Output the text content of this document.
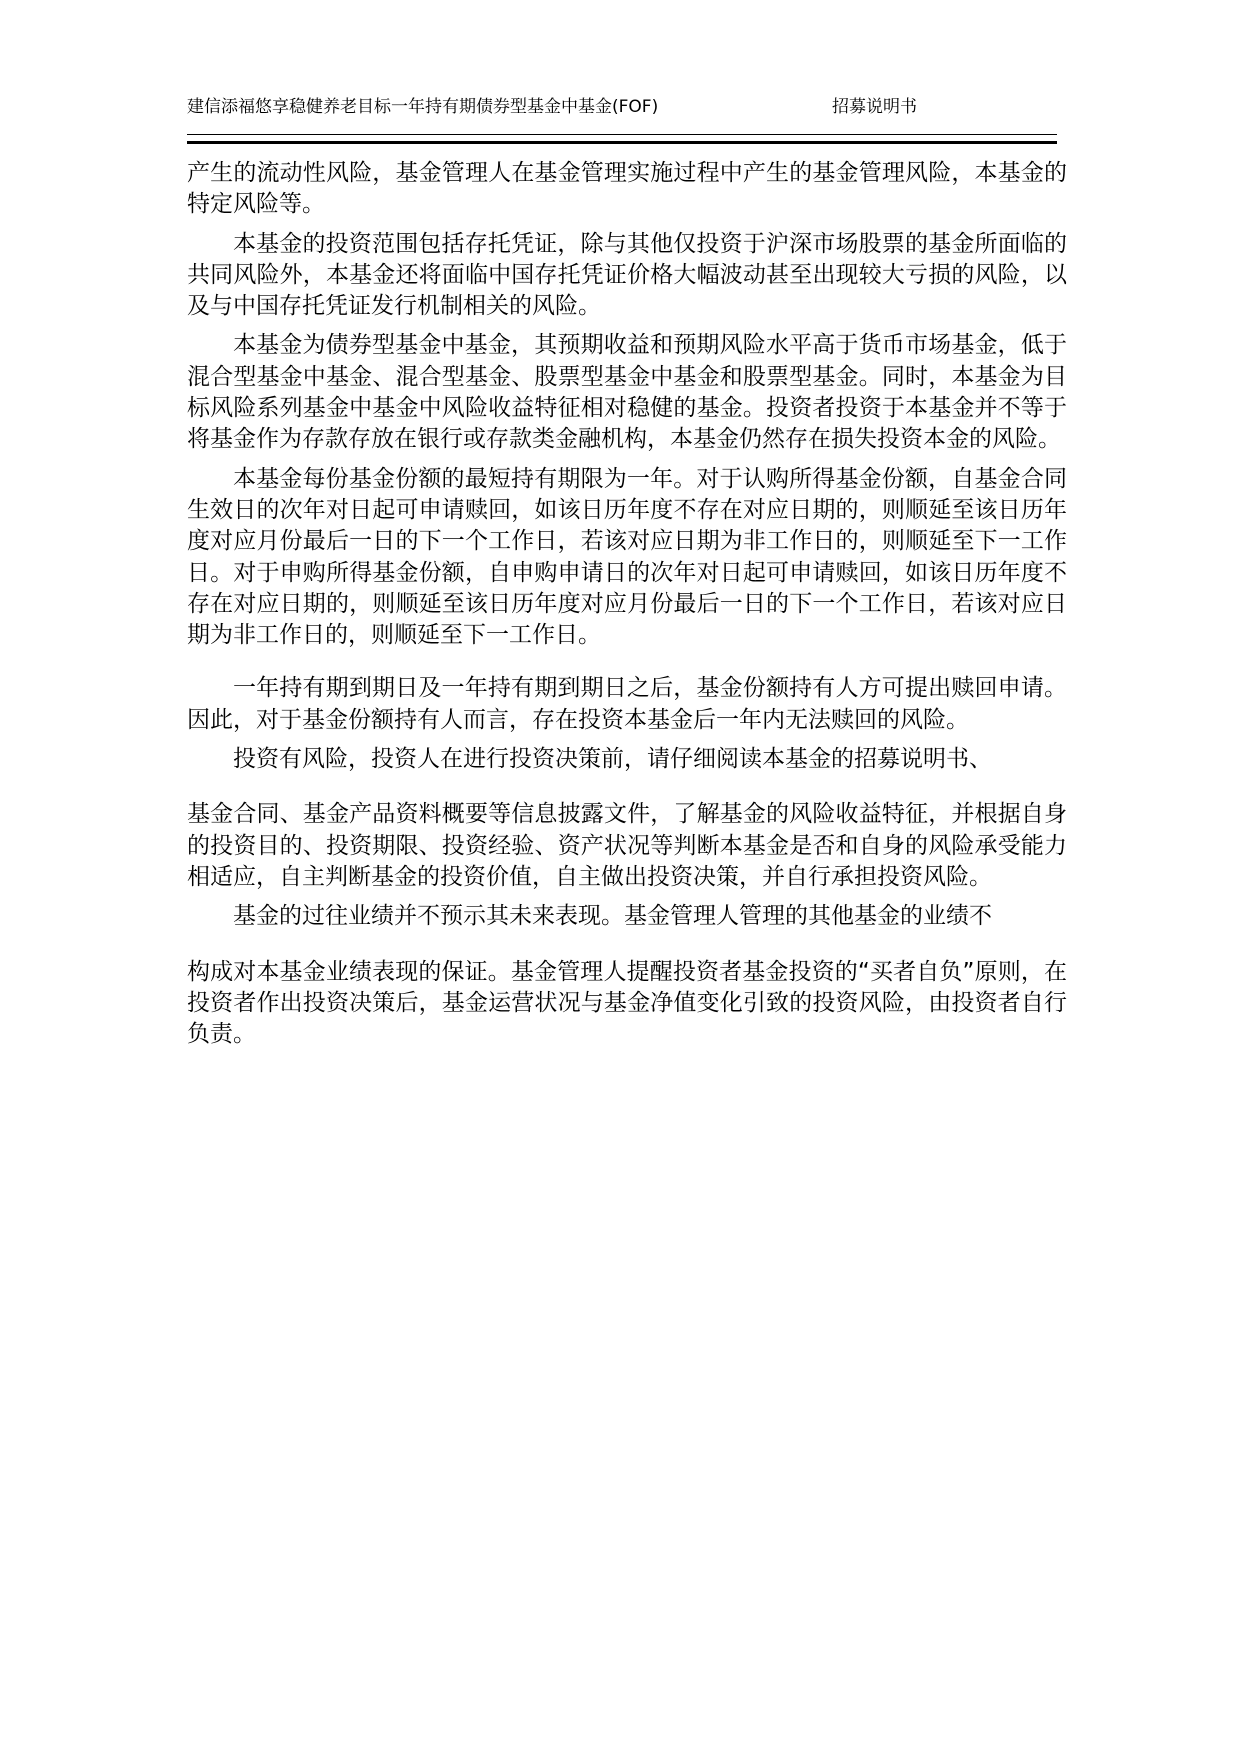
建信添福悠享稳健养老目标一年持有期债券型基金中基金(FOF)	招募说明书

产生的流动性风险，基金管理人在基金管理实施过程中产生的基金管理风险，本基金的特定风险等。

本基金的投资范围包括存托凭证，除与其他仅投资于沪深市场股票的基金所面临的共同风险外，本基金还将面临中国存托凭证价格大幅波动甚至出现较大亏损的风险，以及与中国存托凭证发行机制相关的风险。

本基金为债券型基金中基金，其预期收益和预期风险水平高于货币市场基金，低于混合型基金中基金、混合型基金、股票型基金中基金和股票型基金。同时，本基金为目标风险系列基金中基金中风险收益特征相对稳健的基金。投资者投资于本基金并不等于将基金作为存款存放在银行或存款类金融机构，本基金仍然存在损失投资本金的风险。

本基金每份基金份额的最短持有期限为一年。对于认购所得基金份额，自基金合同生效日的次年对日起可申请赎回，如该日历年度不存在对应日期的，则顺延至该日历年度对应月份最后一日的下一个工作日，若该对应日期为非工作日的，则顺延至下一工作日。对于申购所得基金份额，自申购申请日的次年对日起可申请赎回，如该日历年度不存在对应日期的，则顺延至该日历年度对应月份最后一日的下一个工作日，若该对应日期为非工作日的，则顺延至下一工作日。

一年持有期到期日及一年持有期到期日之后，基金份额持有人方可提出赎回申请。因此，对于基金份额持有人而言，存在投资本基金后一年内无法赎回的风险。

投资有风险，投资人在进行投资决策前，请仔细阅读本基金的招募说明书、

基金合同、基金产品资料概要等信息披露文件，了解基金的风险收益特征，并根据自身的投资目的、投资期限、投资经验、资产状况等判断本基金是否和自身的风险承受能力相适应，自主判断基金的投资价值，自主做出投资决策，并自行承担投资风险。

基金的过往业绩并不预示其未来表现。基金管理人管理的其他基金的业绩不

构成对本基金业绩表现的保证。基金管理人提醒投资者基金投资的“买者自负”原则，在投资者作出投资决策后，基金运营状况与基金净值变化引致的投资风险，由投资者自行负责。
